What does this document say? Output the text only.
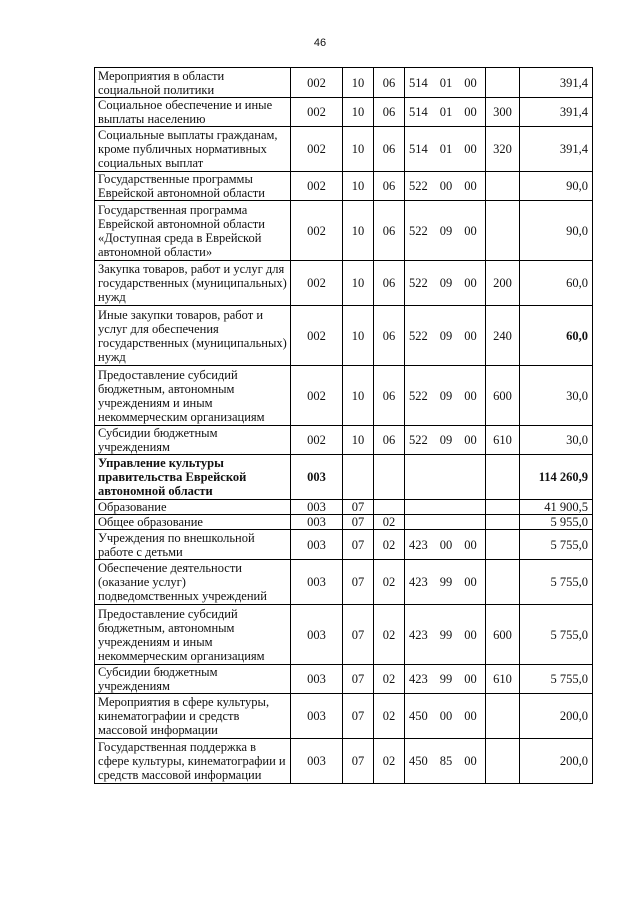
46
Мероприятия в области социальной политики	002	10	06	514 01 00		391,4
Социальное обеспечение и иные выплаты населению	002	10	06	514 01 00	300	391,4
Социальные выплаты гражданам, кроме публичных нормативных социальных выплат	002	10	06	514 01 00	320	391,4
Государственные программы Еврейской автономной области	002	10	06	522 00 00		90,0
Государственная программа Еврейской автономной области «Доступная среда в Еврейской автономной области»	002	10	06	522 09 00		90,0
Закупка товаров, работ и услуг для государственных (муниципальных) нужд	002	10	06	522 09 00	200	60,0
Иные закупки товаров, работ и услуг для обеспечения государственных (муниципальных) нужд	002	10	06	522 09 00	240	60,0
Предоставление субсидий бюджетным, автономным учреждениям и иным некоммерческим организациям	002	10	06	522 09 00	600	30,0
Субсидии бюджетным учреждениям	002	10	06	522 09 00	610	30,0
Управление культуры правительства Еврейской автономной области	003					114 260,9
Образование	003	07				41 900,5
Общее образование	003	07	02			5 955,0
Учреждения по внешкольной работе с детьми	003	07	02	423 00 00		5 755,0
Обеспечение деятельности (оказание услуг) подведомственных учреждений	003	07	02	423 99 00		5 755,0
Предоставление субсидий бюджетным, автономным учреждениям и иным некоммерческим организациям	003	07	02	423 99 00	600	5 755,0
Субсидии бюджетным учреждениям	003	07	02	423 99 00	610	5 755,0
Мероприятия в сфере культуры, кинематографии и средств массовой информации	003	07	02	450 00 00		200,0
Государственная поддержка в сфере культуры, кинематографии и средств массовой информации	003	07	02	450 85 00		200,0
